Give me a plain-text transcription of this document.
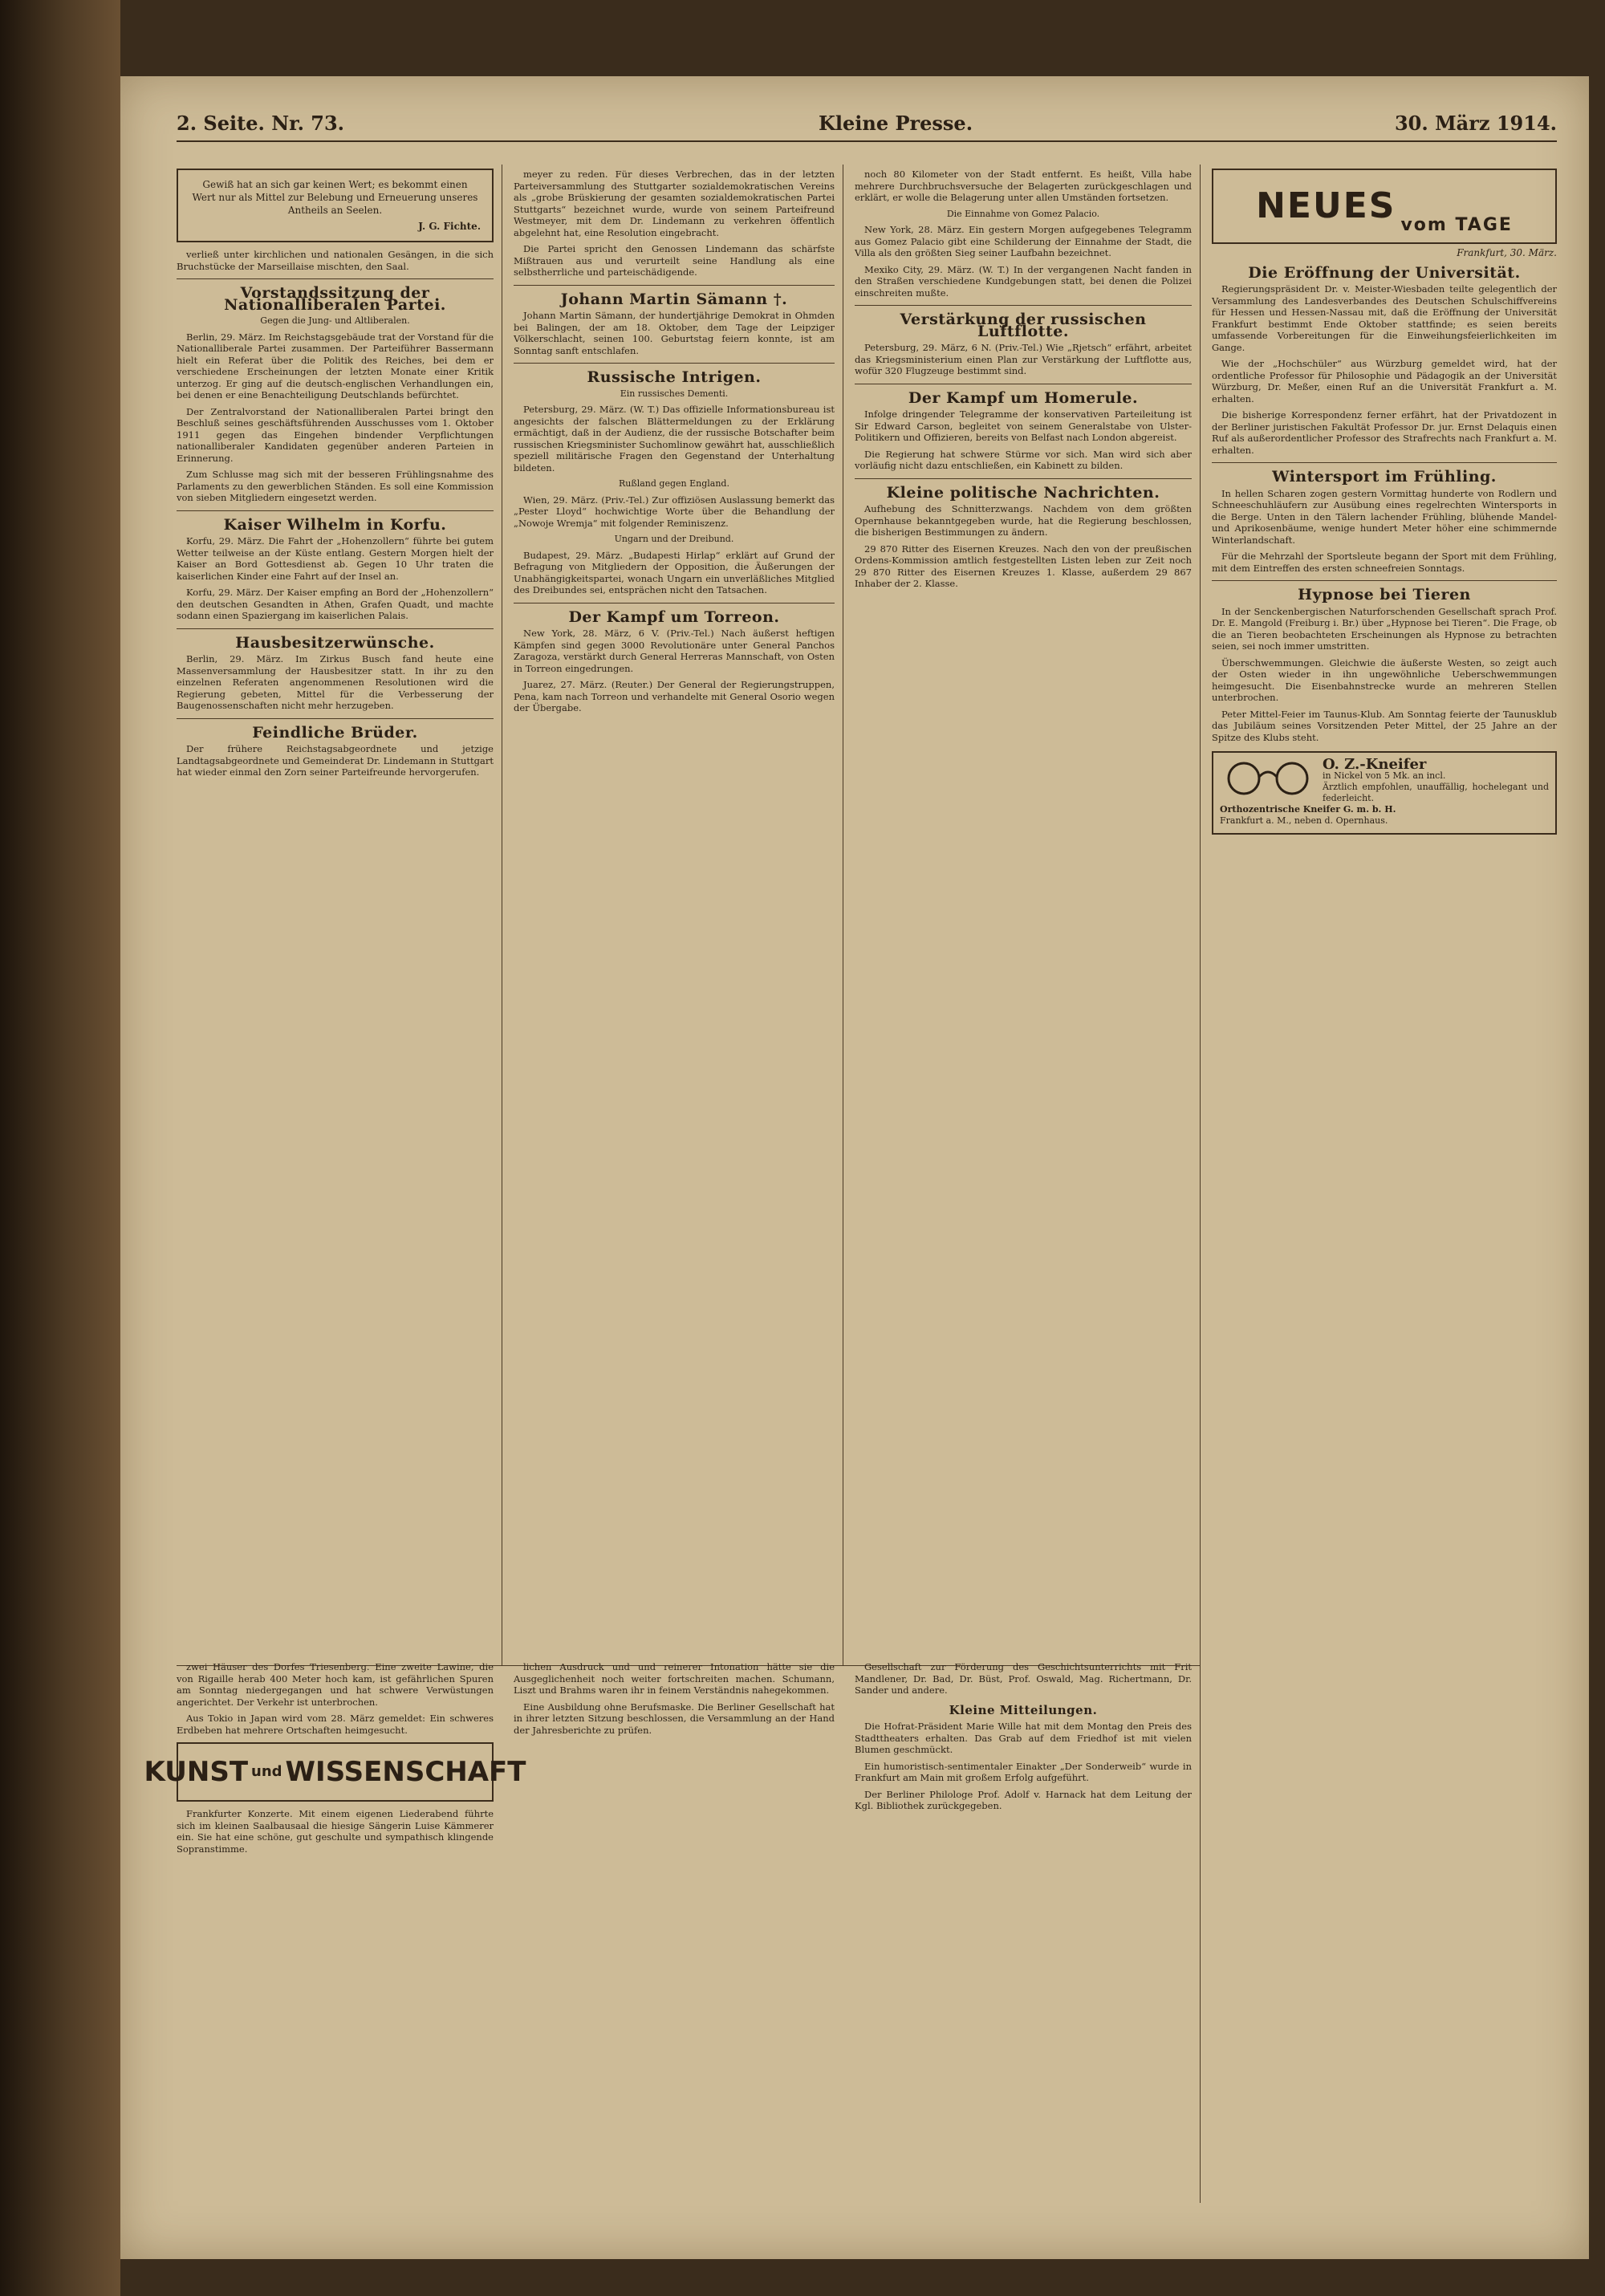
2. Seite. Nr. 73.	Kleine Presse.	30. März 1914.
Gewiß hat an sich gar keinen Wert; es bekommt einen Wert nur als Mittel zur Belebung und Erneuerung unseres Antheils an Seelen.
J. G. Fichte.

verließ unter kirchlichen und nationalen Gesängen, in die sich Bruchstücke der Marseillaise mischten, den Saal.

Vorstandssitzung der Nationalliberalen Partei.
Gegen die Jung- und Altliberalen.

Berlin, 29. März. Im Reichstagsgebäude trat der Vorstand für die Nationalliberale Partei zusammen. Der Parteiführer Bassermann hielt ein Referat über die Politik des Reiches, bei dem er verschiedene Erscheinungen der letzten Monate einer Kritik unterzog. Er ging auf die deutsch-englischen Verhandlungen ein, bei denen er eine Benachteiligung Deutschlands befürchtet.

Der Zentralvorstand der Nationalliberalen Partei bringt den Beschluß seines geschäftsführenden Ausschusses vom 1. Oktober 1911 gegen das Eingehen bindender Verpflichtungen nationalliberaler Kandidaten gegenüber anderen Parteien in Erinnerung.

Zum Schlusse mag sich mit der besseren Frühlingsnahme des Parlaments zu den gewerblichen Ständen. Es soll eine Kommission von sieben Mitgliedern eingesetzt werden.

Kaiser Wilhelm in Korfu.

Korfu, 29. März. Die Fahrt der „Hohenzollern“ führte bei gutem Wetter teilweise an der Küste entlang. Gestern Morgen hielt der Kaiser an Bord Gottesdienst ab. Gegen 10 Uhr traten die kaiserlichen Kinder eine Fahrt auf der Insel an.

Korfu, 29. März. Der Kaiser empfing an Bord der „Hohenzollern“ den deutschen Gesandten in Athen, Grafen Quadt, und machte sodann einen Spaziergang im kaiserlichen Palais.

Hausbesitzerwünsche.

Berlin, 29. März. Im Zirkus Busch fand heute eine Massenversammlung der Hausbesitzer statt. In ihr zu den einzelnen Referaten angenommenen Resolutionen wird die Regierung gebeten, Mittel für die Verbesserung der Baugenossenschaften nicht mehr herzugeben.

Feindliche Brüder.

Der frühere Reichstagsabgeordnete und jetzige Landtagsabgeordnete und Gemeinderat Dr. Lindemann in Stuttgart hat wieder einmal den Zorn seiner Parteifreunde hervorgerufen.

meyer zu reden. Für dieses Verbrechen, das in der letzten Parteiversammlung des Stuttgarter sozialdemokratischen Vereins als „grobe Brüskierung der gesamten sozialdemokratischen Partei Stuttgarts“ bezeichnet wurde, wurde von seinem Parteifreund Westmeyer, mit dem Dr. Lindemann zu verkehren öffentlich abgelehnt hat, eine Resolution eingebracht.

Die Partei spricht den Genossen Lindemann das schärfste Mißtrauen aus und verurteilt seine Handlung als eine selbstherrliche und parteischädigende.

Johann Martin Sämann †.

Johann Martin Sämann, der hundertjährige Demokrat in Ohmden bei Balingen, der am 18. Oktober, dem Tage der Leipziger Völkerschlacht, seinen 100. Geburtstag feiern konnte, ist am Sonntag sanft entschlafen.

Russische Intrigen.
Ein russisches Dementi.

Petersburg, 29. März. (W. T.) Das offizielle Informationsbureau ist angesichts der falschen Blättermeldungen zu der Erklärung ermächtigt, daß in der Audienz, die der russische Botschafter beim russischen Kriegsminister Suchomlinow gewährt hat, ausschließlich speziell militärische Fragen den Gegenstand der Unterhaltung bildeten.

Rußland gegen England.

Wien, 29. März. (Priv.-Tel.) Zur offiziösen Auslassung bemerkt das „Pester Lloyd“ hochwichtige Worte über die Behandlung der „Nowoje Wremja“ mit folgender Reminiszenz.

Ungarn und der Dreibund.

Budapest, 29. März. „Budapesti Hirlap“ erklärt auf Grund der Befragung von Mitgliedern der Opposition, die Äußerungen der Unabhängigkeitspartei, wonach Ungarn ein unverläßliches Mitglied des Dreibundes sei, entsprächen nicht den Tatsachen.

Der Kampf um Torreon.

New York, 28. März, 6 V. (Priv.-Tel.) Nach äußerst heftigen Kämpfen sind gegen 3000 Revolutionäre unter General Panchos Zaragoza, verstärkt durch General Herreras Mannschaft, von Osten in Torreon eingedrungen.

Juarez, 27. März. (Reuter.) Der General der Regierungstruppen, Pena, kam nach Torreon und verhandelte mit General Osorio wegen der Übergabe.

noch 80 Kilometer von der Stadt entfernt. Es heißt, Villa habe mehrere Durchbruchsversuche der Belagerten zurückgeschlagen und erklärt, er wolle die Belagerung unter allen Umständen fortsetzen.

Die Einnahme von Gomez Palacio.

New York, 28. März. Ein gestern Morgen aufgegebenes Telegramm aus Gomez Palacio gibt eine Schilderung der Einnahme der Stadt, die Villa als den größten Sieg seiner Laufbahn bezeichnet.

Mexiko City, 29. März. (W. T.) In der vergangenen Nacht fanden in den Straßen verschiedene Kundgebungen statt, bei denen die Polizei einschreiten mußte.

Verstärkung der russischen Luftflotte.

Petersburg, 29. März, 6 N. (Priv.-Tel.) Wie „Rjetsch“ erfährt, arbeitet das Kriegsministerium einen Plan zur Verstärkung der Luftflotte aus, wofür 320 Flugzeuge bestimmt sind.

Der Kampf um Homerule.

Infolge dringender Telegramme der konservativen Parteileitung ist Sir Edward Carson, begleitet von seinem Generalstabe von Ulster-Politikern und Offizieren, bereits von Belfast nach London abgereist.

Die Regierung hat schwere Stürme vor sich. Man wird sich aber vorläufig nicht dazu entschließen, ein Kabinett zu bilden.

Kleine politische Nachrichten.

Aufhebung des Schnitterzwangs. Nachdem von dem größten Opernhause bekanntgegeben wurde, hat die Regierung beschlossen, die bisherigen Bestimmungen zu ändern.

29 870 Ritter des Eisernen Kreuzes. Nach den von der preußischen Ordens-Kommission amtlich festgestellten Listen leben zur Zeit noch 29 870 Ritter des Eisernen Kreuzes 1. Klasse, außerdem 29 867 Inhaber der 2. Klasse.

NEUES vom TAGE
Frankfurt, 30. März.
Die Eröffnung der Universität.

Regierungspräsident Dr. v. Meister-Wiesbaden teilte gelegentlich der Versammlung des Landesverbandes des Deutschen Schulschiffvereins für Hessen und Hessen-Nassau mit, daß die Eröffnung der Universität Frankfurt bestimmt Ende Oktober stattfinde; es seien bereits umfassende Vorbereitungen für die Einweihungsfeierlichkeiten im Gange.

Wie der „Hochschüler“ aus Würzburg gemeldet wird, hat der ordentliche Professor für Philosophie und Pädagogik an der Universität Würzburg, Dr. Meßer, einen Ruf an die Universität Frankfurt a. M. erhalten.

Die bisherige Korrespondenz ferner erfährt, hat der Privatdozent in der Berliner juristischen Fakultät Professor Dr. jur. Ernst Delaquis einen Ruf als außerordentlicher Professor des Strafrechts nach Frankfurt a. M. erhalten.

Wintersport im Frühling.

In hellen Scharen zogen gestern Vormittag hunderte von Rodlern und Schneeschuhläufern zur Ausübung eines regelrechten Wintersports in die Berge. Unten in den Tälern lachender Frühling, blühende Mandel- und Aprikosenbäume, wenige hundert Meter höher eine schimmernde Winterlandschaft.

Für die Mehrzahl der Sportsleute begann der Sport mit dem Frühling, mit dem Eintreffen des ersten schneefreien Sonntags.

Hypnose bei Tieren

In der Senckenbergischen Naturforschenden Gesellschaft sprach Prof. Dr. E. Mangold (Freiburg i. Br.) über „Hypnose bei Tieren“. Die Frage, ob die an Tieren beobachteten Erscheinungen als Hypnose zu betrachten seien, sei noch immer umstritten.

Überschwemmungen. Gleichwie die äußerste Westen, so zeigt auch der Osten wieder in ihn ungewöhnliche Ueberschwemmungen heimgesucht. Die Eisenbahnstrecke wurde an mehreren Stellen unterbrochen.

Peter Mittel-Feier im Taunus-Klub. Am Sonntag feierte der Taunusklub das Jubiläum seines Vorsitzenden Peter Mittel, der 25 Jahre an der Spitze des Klubs steht.

O. Z.-Kneifer
in Nickel von 5 Mk. an incl.
Ärztlich empfohlen, unauffällig, hochelegant und federleicht.
Orthozentrische Kneifer G. m. b. H.
Frankfurt a. M., neben d. Opernhaus.

zwei Häuser des Dorfes Triesenberg. Eine zweite Lawine, die von Rigaille herab 400 Meter hoch kam, ist gefährlichen Spuren am Sonntag niedergegangen und hat schwere Verwüstungen angerichtet. Der Verkehr ist unterbrochen.

Aus Tokio in Japan wird vom 28. März gemeldet: Ein schweres Erdbeben hat mehrere Ortschaften heimgesucht.

KUNST und WISSENSCHAFT

Frankfurter Konzerte. Mit einem eigenen Liederabend führte sich im kleinen Saalbausaal die hiesige Sängerin Luise Kämmerer ein. Sie hat eine schöne, gut geschulte und sympathisch klingende Sopranstimme.

lichen Ausdruck und und reinerer Intonation hätte sie die Ausgeglichenheit noch weiter fortschreiten machen. Schumann, Liszt und Brahms waren ihr in feinem Verständnis nahegekommen.

Eine Ausbildung ohne Berufsmaske. Die Berliner Gesellschaft hat in ihrer letzten Sitzung beschlossen, die Versammlung an der Hand der Jahresberichte zu prüfen.

Gesellschaft zur Förderung des Geschichtsunterrichts mit Frit Mandlener, Dr. Bad, Dr. Büst, Prof. Oswald, Mag. Richertmann, Dr. Sander und andere.

Kleine Mitteilungen.

Die Hofrat-Präsident Marie Wille hat mit dem Montag den Preis des Stadttheaters erhalten. Das Grab auf dem Friedhof ist mit vielen Blumen geschmückt.

Ein humoristisch-sentimentaler Einakter „Der Sonderweib“ wurde in Frankfurt am Main mit großem Erfolg aufgeführt.

Der Berliner Philologe Prof. Adolf v. Harnack hat dem Leitung der Kgl. Bibliothek zurückgegeben.
